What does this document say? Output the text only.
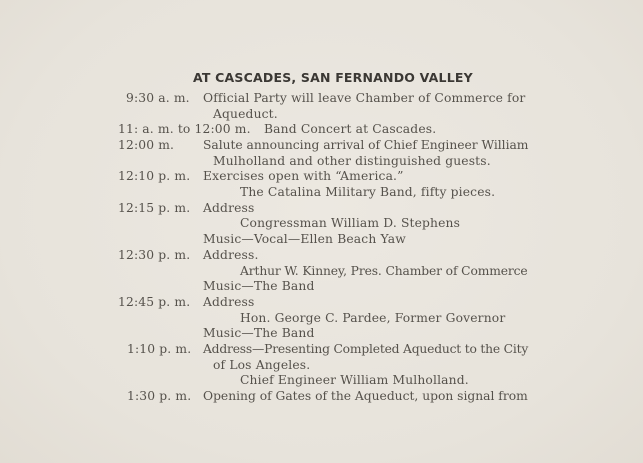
AT CASCADES, SAN FERNANDO VALLEY
9:30 a. m. Official Party will leave Chamber of Commerce for
Aqueduct.
11: a. m. to 12:00 m. Band Concert at Cascades.
12:00 m. Salute announcing arrival of Chief Engineer William
Mulholland and other distinguished guests.
12:10 p. m. Exercises open with “America.”
The Catalina Military Band, fifty pieces.
12:15 p. m. Address
Congressman William D. Stephens
Music—Vocal—Ellen Beach Yaw
12:30 p. m. Address.
Arthur W. Kinney, Pres. Chamber of Commerce
Music—The Band
12:45 p. m. Address
Hon. George C. Pardee, Former Governor
Music—The Band
1:10 p. m. Address—Presenting Completed Aqueduct to the City
of Los Angeles.
Chief Engineer William Mulholland.
1:30 p. m. Opening of Gates of the Aqueduct, upon signal from
